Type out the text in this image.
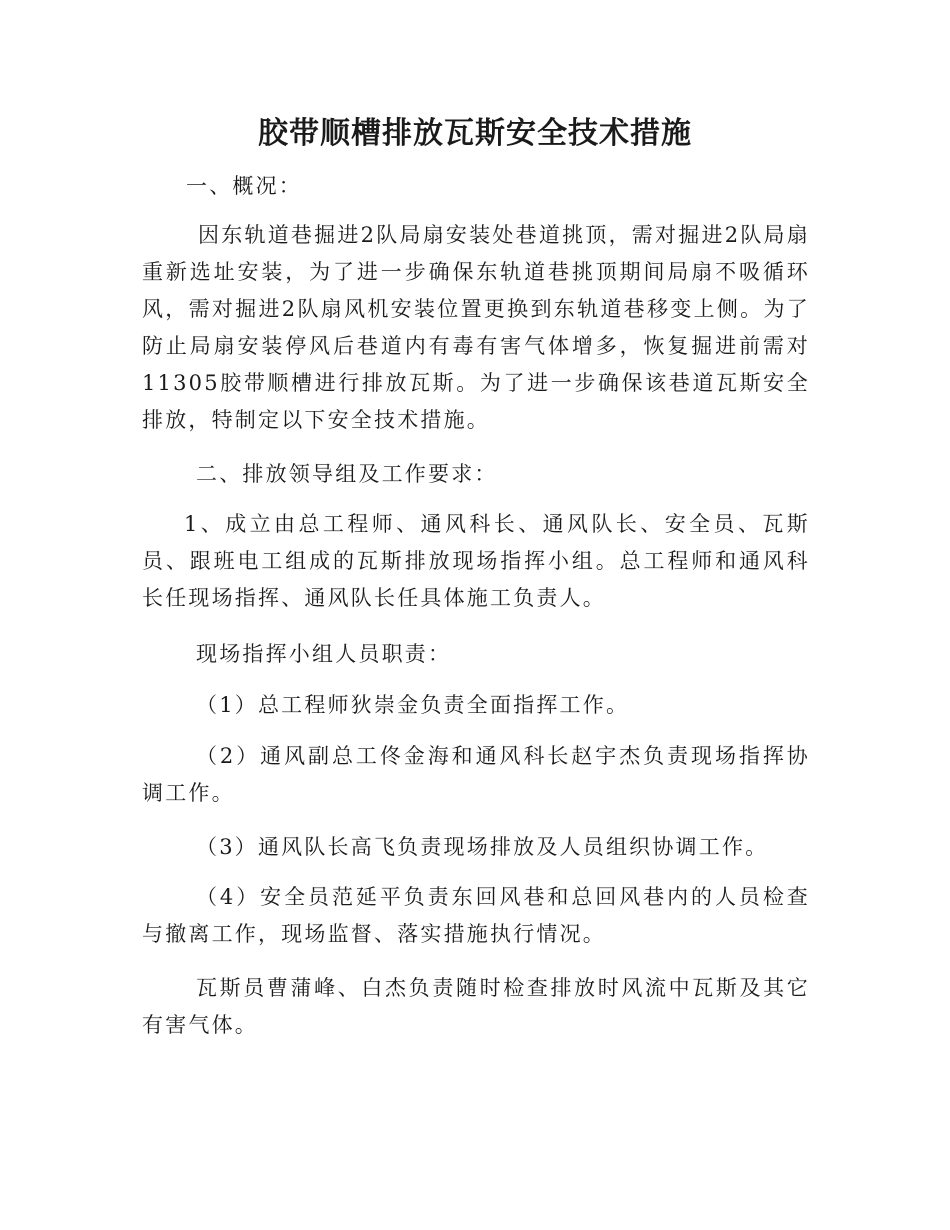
胶带顺槽排放瓦斯安全技术措施

一、概况：

因东轨道巷掘进2队局扇安装处巷道挑顶，需对掘进2队局扇重新选址安装，为了进一步确保东轨道巷挑顶期间局扇不吸循环风，需对掘进2队扇风机安装位置更换到东轨道巷移变上侧。为了防止局扇安装停风后巷道内有毒有害气体增多，恢复掘进前需对11305胶带顺槽进行排放瓦斯。为了进一步确保该巷道瓦斯安全排放，特制定以下安全技术措施。

二、排放领导组及工作要求：

1、成立由总工程师、通风科长、通风队长、安全员、瓦斯员、跟班电工组成的瓦斯排放现场指挥小组。总工程师和通风科长任现场指挥、通风队长任具体施工负责人。

现场指挥小组人员职责：

（1）总工程师狄崇金负责全面指挥工作。

（2）通风副总工佟金海和通风科长赵宇杰负责现场指挥协调工作。

（3）通风队长高飞负责现场排放及人员组织协调工作。

（4）安全员范延平负责东回风巷和总回风巷内的人员检查与撤离工作，现场监督、落实措施执行情况。

瓦斯员曹蒲峰、白杰负责随时检查排放时风流中瓦斯及其它有害气体。
